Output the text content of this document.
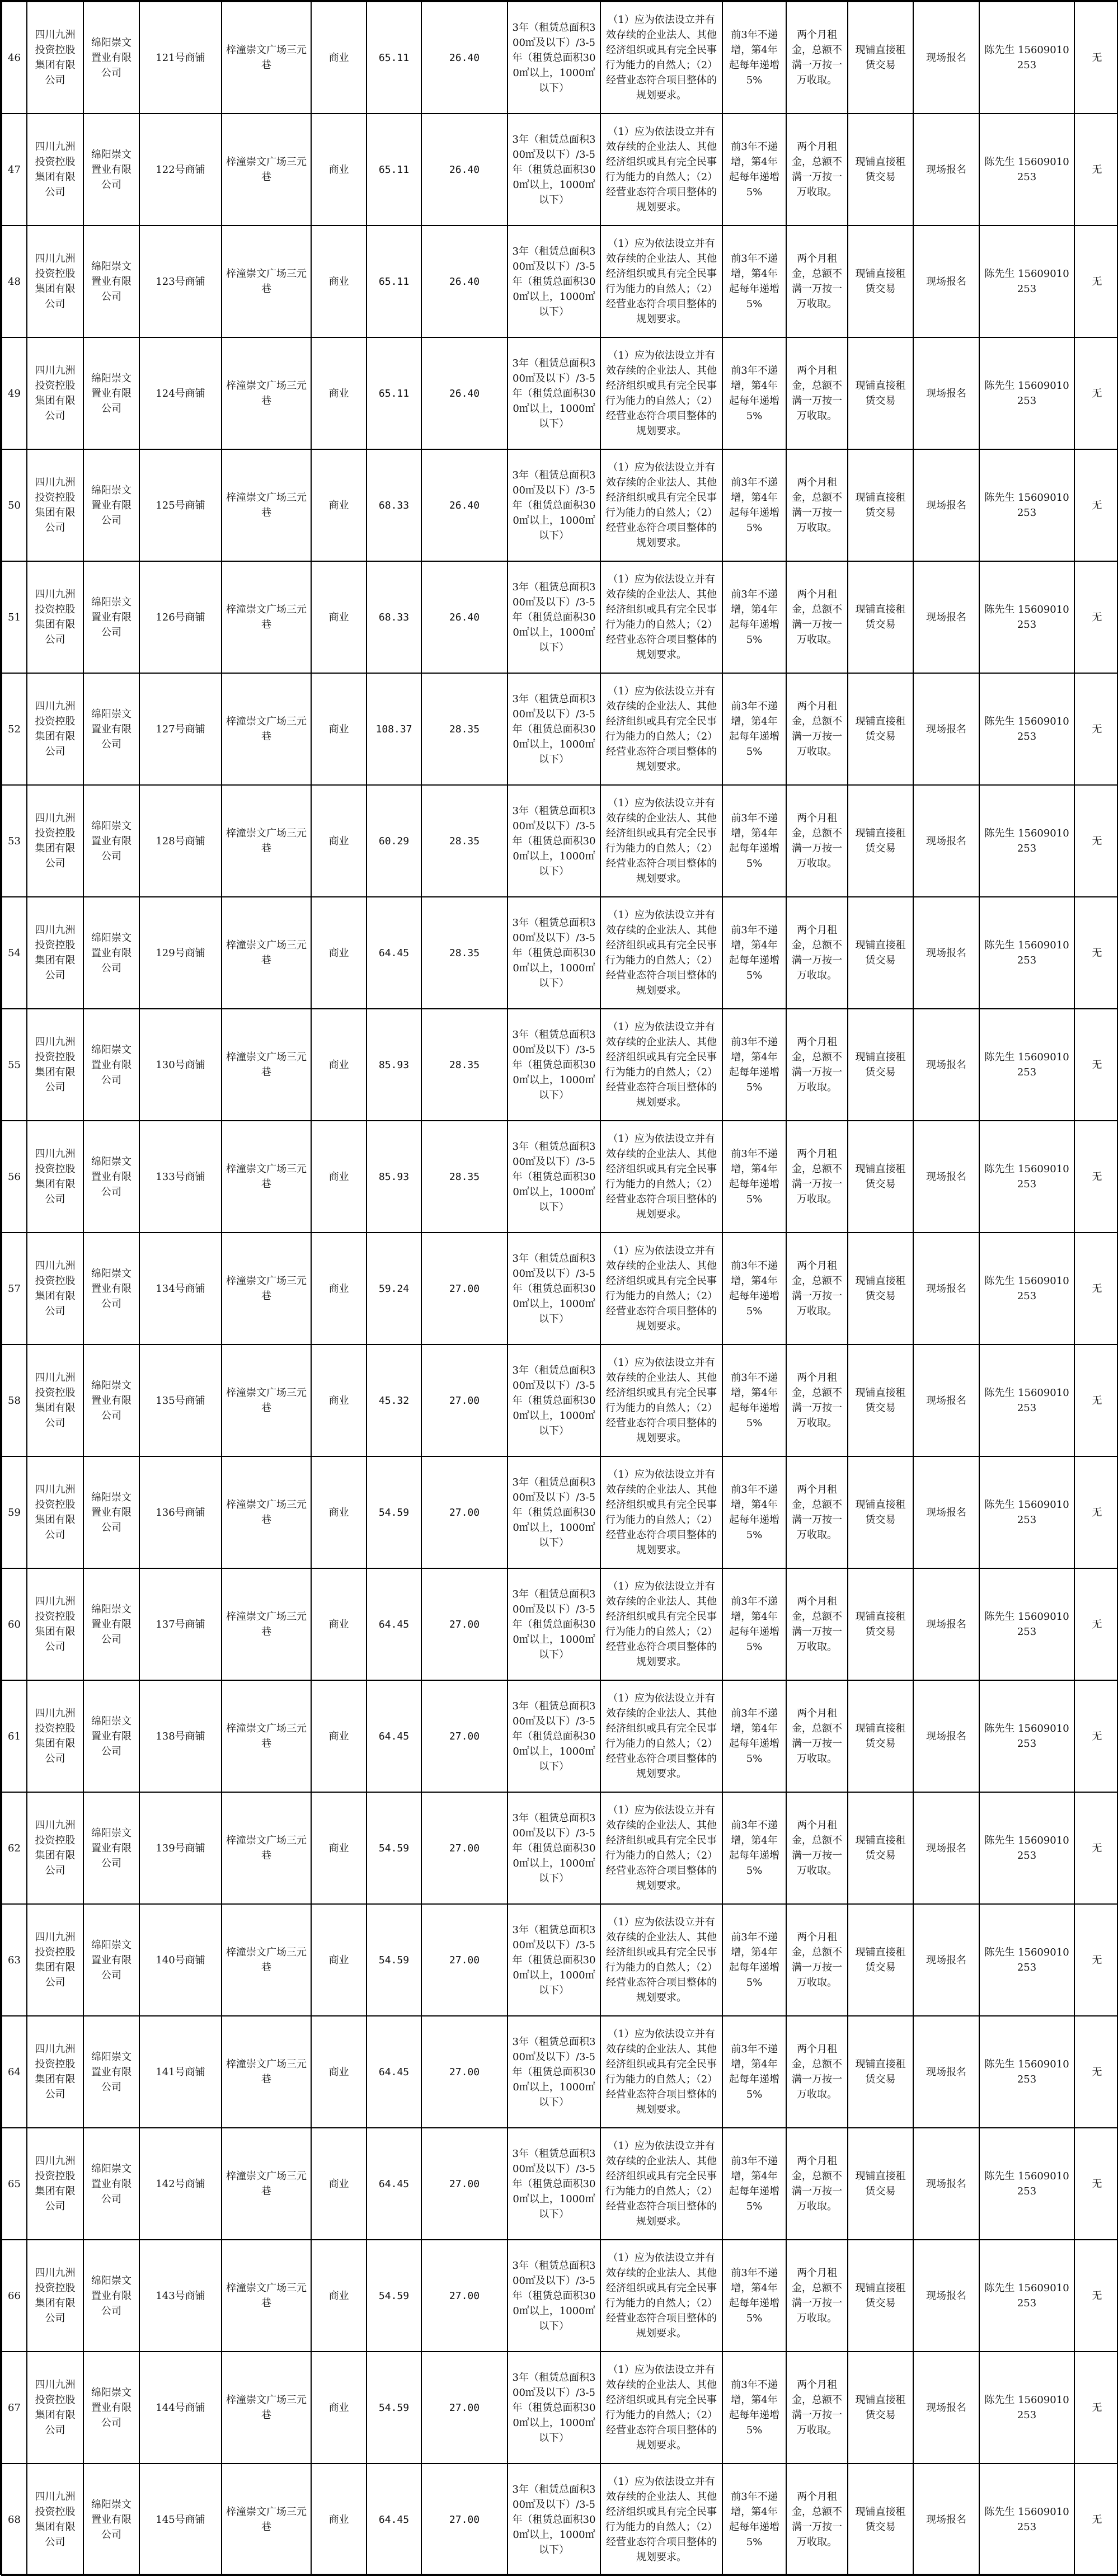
46	四川九洲投资控股集团有限公司	绵阳崇文置业有限公司	121号商铺	梓潼崇文广场三元巷	商业	65.11	26.40	3年（租赁总面积300㎡及以下）/3-5年（租赁总面积300㎡以上，1000㎡以下）	（1）应为依法设立并有效存续的企业法人、其他经济组织或具有完全民事行为能力的自然人；（2）经营业态符合项目整体的规划要求。	前3年不递增，第4年起每年递增5%	两个月租金，总额不满一万按一万收取。	现铺直接租赁交易	现场报名	陈先生 15609010253	无
47	四川九洲投资控股集团有限公司	绵阳崇文置业有限公司	122号商铺	梓潼崇文广场三元巷	商业	65.11	26.40	3年（租赁总面积300㎡及以下）/3-5年（租赁总面积300㎡以上，1000㎡以下）	（1）应为依法设立并有效存续的企业法人、其他经济组织或具有完全民事行为能力的自然人；（2）经营业态符合项目整体的规划要求。	前3年不递增，第4年起每年递增5%	两个月租金，总额不满一万按一万收取。	现铺直接租赁交易	现场报名	陈先生 15609010253	无
48	四川九洲投资控股集团有限公司	绵阳崇文置业有限公司	123号商铺	梓潼崇文广场三元巷	商业	65.11	26.40	3年（租赁总面积300㎡及以下）/3-5年（租赁总面积300㎡以上，1000㎡以下）	（1）应为依法设立并有效存续的企业法人、其他经济组织或具有完全民事行为能力的自然人；（2）经营业态符合项目整体的规划要求。	前3年不递增，第4年起每年递增5%	两个月租金，总额不满一万按一万收取。	现铺直接租赁交易	现场报名	陈先生 15609010253	无
49	四川九洲投资控股集团有限公司	绵阳崇文置业有限公司	124号商铺	梓潼崇文广场三元巷	商业	65.11	26.40	3年（租赁总面积300㎡及以下）/3-5年（租赁总面积300㎡以上，1000㎡以下）	（1）应为依法设立并有效存续的企业法人、其他经济组织或具有完全民事行为能力的自然人；（2）经营业态符合项目整体的规划要求。	前3年不递增，第4年起每年递增5%	两个月租金，总额不满一万按一万收取。	现铺直接租赁交易	现场报名	陈先生 15609010253	无
50	四川九洲投资控股集团有限公司	绵阳崇文置业有限公司	125号商铺	梓潼崇文广场三元巷	商业	68.33	26.40	3年（租赁总面积300㎡及以下）/3-5年（租赁总面积300㎡以上，1000㎡以下）	（1）应为依法设立并有效存续的企业法人、其他经济组织或具有完全民事行为能力的自然人；（2）经营业态符合项目整体的规划要求。	前3年不递增，第4年起每年递增5%	两个月租金，总额不满一万按一万收取。	现铺直接租赁交易	现场报名	陈先生 15609010253	无
51	四川九洲投资控股集团有限公司	绵阳崇文置业有限公司	126号商铺	梓潼崇文广场三元巷	商业	68.33	26.40	3年（租赁总面积300㎡及以下）/3-5年（租赁总面积300㎡以上，1000㎡以下）	（1）应为依法设立并有效存续的企业法人、其他经济组织或具有完全民事行为能力的自然人；（2）经营业态符合项目整体的规划要求。	前3年不递增，第4年起每年递增5%	两个月租金，总额不满一万按一万收取。	现铺直接租赁交易	现场报名	陈先生 15609010253	无
52	四川九洲投资控股集团有限公司	绵阳崇文置业有限公司	127号商铺	梓潼崇文广场三元巷	商业	108.37	28.35	3年（租赁总面积300㎡及以下）/3-5年（租赁总面积300㎡以上，1000㎡以下）	（1）应为依法设立并有效存续的企业法人、其他经济组织或具有完全民事行为能力的自然人；（2）经营业态符合项目整体的规划要求。	前3年不递增，第4年起每年递增5%	两个月租金，总额不满一万按一万收取。	现铺直接租赁交易	现场报名	陈先生 15609010253	无
53	四川九洲投资控股集团有限公司	绵阳崇文置业有限公司	128号商铺	梓潼崇文广场三元巷	商业	60.29	28.35	3年（租赁总面积300㎡及以下）/3-5年（租赁总面积300㎡以上，1000㎡以下）	（1）应为依法设立并有效存续的企业法人、其他经济组织或具有完全民事行为能力的自然人；（2）经营业态符合项目整体的规划要求。	前3年不递增，第4年起每年递增5%	两个月租金，总额不满一万按一万收取。	现铺直接租赁交易	现场报名	陈先生 15609010253	无
54	四川九洲投资控股集团有限公司	绵阳崇文置业有限公司	129号商铺	梓潼崇文广场三元巷	商业	64.45	28.35	3年（租赁总面积300㎡及以下）/3-5年（租赁总面积300㎡以上，1000㎡以下）	（1）应为依法设立并有效存续的企业法人、其他经济组织或具有完全民事行为能力的自然人；（2）经营业态符合项目整体的规划要求。	前3年不递增，第4年起每年递增5%	两个月租金，总额不满一万按一万收取。	现铺直接租赁交易	现场报名	陈先生 15609010253	无
55	四川九洲投资控股集团有限公司	绵阳崇文置业有限公司	130号商铺	梓潼崇文广场三元巷	商业	85.93	28.35	3年（租赁总面积300㎡及以下）/3-5年（租赁总面积300㎡以上，1000㎡以下）	（1）应为依法设立并有效存续的企业法人、其他经济组织或具有完全民事行为能力的自然人；（2）经营业态符合项目整体的规划要求。	前3年不递增，第4年起每年递增5%	两个月租金，总额不满一万按一万收取。	现铺直接租赁交易	现场报名	陈先生 15609010253	无
56	四川九洲投资控股集团有限公司	绵阳崇文置业有限公司	133号商铺	梓潼崇文广场三元巷	商业	85.93	28.35	3年（租赁总面积300㎡及以下）/3-5年（租赁总面积300㎡以上，1000㎡以下）	（1）应为依法设立并有效存续的企业法人、其他经济组织或具有完全民事行为能力的自然人；（2）经营业态符合项目整体的规划要求。	前3年不递增，第4年起每年递增5%	两个月租金，总额不满一万按一万收取。	现铺直接租赁交易	现场报名	陈先生 15609010253	无
57	四川九洲投资控股集团有限公司	绵阳崇文置业有限公司	134号商铺	梓潼崇文广场三元巷	商业	59.24	27.00	3年（租赁总面积300㎡及以下）/3-5年（租赁总面积300㎡以上，1000㎡以下）	（1）应为依法设立并有效存续的企业法人、其他经济组织或具有完全民事行为能力的自然人；（2）经营业态符合项目整体的规划要求。	前3年不递增，第4年起每年递增5%	两个月租金，总额不满一万按一万收取。	现铺直接租赁交易	现场报名	陈先生 15609010253	无
58	四川九洲投资控股集团有限公司	绵阳崇文置业有限公司	135号商铺	梓潼崇文广场三元巷	商业	45.32	27.00	3年（租赁总面积300㎡及以下）/3-5年（租赁总面积300㎡以上，1000㎡以下）	（1）应为依法设立并有效存续的企业法人、其他经济组织或具有完全民事行为能力的自然人；（2）经营业态符合项目整体的规划要求。	前3年不递增，第4年起每年递增5%	两个月租金，总额不满一万按一万收取。	现铺直接租赁交易	现场报名	陈先生 15609010253	无
59	四川九洲投资控股集团有限公司	绵阳崇文置业有限公司	136号商铺	梓潼崇文广场三元巷	商业	54.59	27.00	3年（租赁总面积300㎡及以下）/3-5年（租赁总面积300㎡以上，1000㎡以下）	（1）应为依法设立并有效存续的企业法人、其他经济组织或具有完全民事行为能力的自然人；（2）经营业态符合项目整体的规划要求。	前3年不递增，第4年起每年递增5%	两个月租金，总额不满一万按一万收取。	现铺直接租赁交易	现场报名	陈先生 15609010253	无
60	四川九洲投资控股集团有限公司	绵阳崇文置业有限公司	137号商铺	梓潼崇文广场三元巷	商业	64.45	27.00	3年（租赁总面积300㎡及以下）/3-5年（租赁总面积300㎡以上，1000㎡以下）	（1）应为依法设立并有效存续的企业法人、其他经济组织或具有完全民事行为能力的自然人；（2）经营业态符合项目整体的规划要求。	前3年不递增，第4年起每年递增5%	两个月租金，总额不满一万按一万收取。	现铺直接租赁交易	现场报名	陈先生 15609010253	无
61	四川九洲投资控股集团有限公司	绵阳崇文置业有限公司	138号商铺	梓潼崇文广场三元巷	商业	64.45	27.00	3年（租赁总面积300㎡及以下）/3-5年（租赁总面积300㎡以上，1000㎡以下）	（1）应为依法设立并有效存续的企业法人、其他经济组织或具有完全民事行为能力的自然人；（2）经营业态符合项目整体的规划要求。	前3年不递增，第4年起每年递增5%	两个月租金，总额不满一万按一万收取。	现铺直接租赁交易	现场报名	陈先生 15609010253	无
62	四川九洲投资控股集团有限公司	绵阳崇文置业有限公司	139号商铺	梓潼崇文广场三元巷	商业	54.59	27.00	3年（租赁总面积300㎡及以下）/3-5年（租赁总面积300㎡以上，1000㎡以下）	（1）应为依法设立并有效存续的企业法人、其他经济组织或具有完全民事行为能力的自然人；（2）经营业态符合项目整体的规划要求。	前3年不递增，第4年起每年递增5%	两个月租金，总额不满一万按一万收取。	现铺直接租赁交易	现场报名	陈先生 15609010253	无
63	四川九洲投资控股集团有限公司	绵阳崇文置业有限公司	140号商铺	梓潼崇文广场三元巷	商业	54.59	27.00	3年（租赁总面积300㎡及以下）/3-5年（租赁总面积300㎡以上，1000㎡以下）	（1）应为依法设立并有效存续的企业法人、其他经济组织或具有完全民事行为能力的自然人；（2）经营业态符合项目整体的规划要求。	前3年不递增，第4年起每年递增5%	两个月租金，总额不满一万按一万收取。	现铺直接租赁交易	现场报名	陈先生 15609010253	无
64	四川九洲投资控股集团有限公司	绵阳崇文置业有限公司	141号商铺	梓潼崇文广场三元巷	商业	64.45	27.00	3年（租赁总面积300㎡及以下）/3-5年（租赁总面积300㎡以上，1000㎡以下）	（1）应为依法设立并有效存续的企业法人、其他经济组织或具有完全民事行为能力的自然人；（2）经营业态符合项目整体的规划要求。	前3年不递增，第4年起每年递增5%	两个月租金，总额不满一万按一万收取。	现铺直接租赁交易	现场报名	陈先生 15609010253	无
65	四川九洲投资控股集团有限公司	绵阳崇文置业有限公司	142号商铺	梓潼崇文广场三元巷	商业	64.45	27.00	3年（租赁总面积300㎡及以下）/3-5年（租赁总面积300㎡以上，1000㎡以下）	（1）应为依法设立并有效存续的企业法人、其他经济组织或具有完全民事行为能力的自然人；（2）经营业态符合项目整体的规划要求。	前3年不递增，第4年起每年递增5%	两个月租金，总额不满一万按一万收取。	现铺直接租赁交易	现场报名	陈先生 15609010253	无
66	四川九洲投资控股集团有限公司	绵阳崇文置业有限公司	143号商铺	梓潼崇文广场三元巷	商业	54.59	27.00	3年（租赁总面积300㎡及以下）/3-5年（租赁总面积300㎡以上，1000㎡以下）	（1）应为依法设立并有效存续的企业法人、其他经济组织或具有完全民事行为能力的自然人；（2）经营业态符合项目整体的规划要求。	前3年不递增，第4年起每年递增5%	两个月租金，总额不满一万按一万收取。	现铺直接租赁交易	现场报名	陈先生 15609010253	无
67	四川九洲投资控股集团有限公司	绵阳崇文置业有限公司	144号商铺	梓潼崇文广场三元巷	商业	54.59	27.00	3年（租赁总面积300㎡及以下）/3-5年（租赁总面积300㎡以上，1000㎡以下）	（1）应为依法设立并有效存续的企业法人、其他经济组织或具有完全民事行为能力的自然人；（2）经营业态符合项目整体的规划要求。	前3年不递增，第4年起每年递增5%	两个月租金，总额不满一万按一万收取。	现铺直接租赁交易	现场报名	陈先生 15609010253	无
68	四川九洲投资控股集团有限公司	绵阳崇文置业有限公司	145号商铺	梓潼崇文广场三元巷	商业	64.45	27.00	3年（租赁总面积300㎡及以下）/3-5年（租赁总面积300㎡以上，1000㎡以下）	（1）应为依法设立并有效存续的企业法人、其他经济组织或具有完全民事行为能力的自然人；（2）经营业态符合项目整体的规划要求。	前3年不递增，第4年起每年递增5%	两个月租金，总额不满一万按一万收取。	现铺直接租赁交易	现场报名	陈先生 15609010253	无
